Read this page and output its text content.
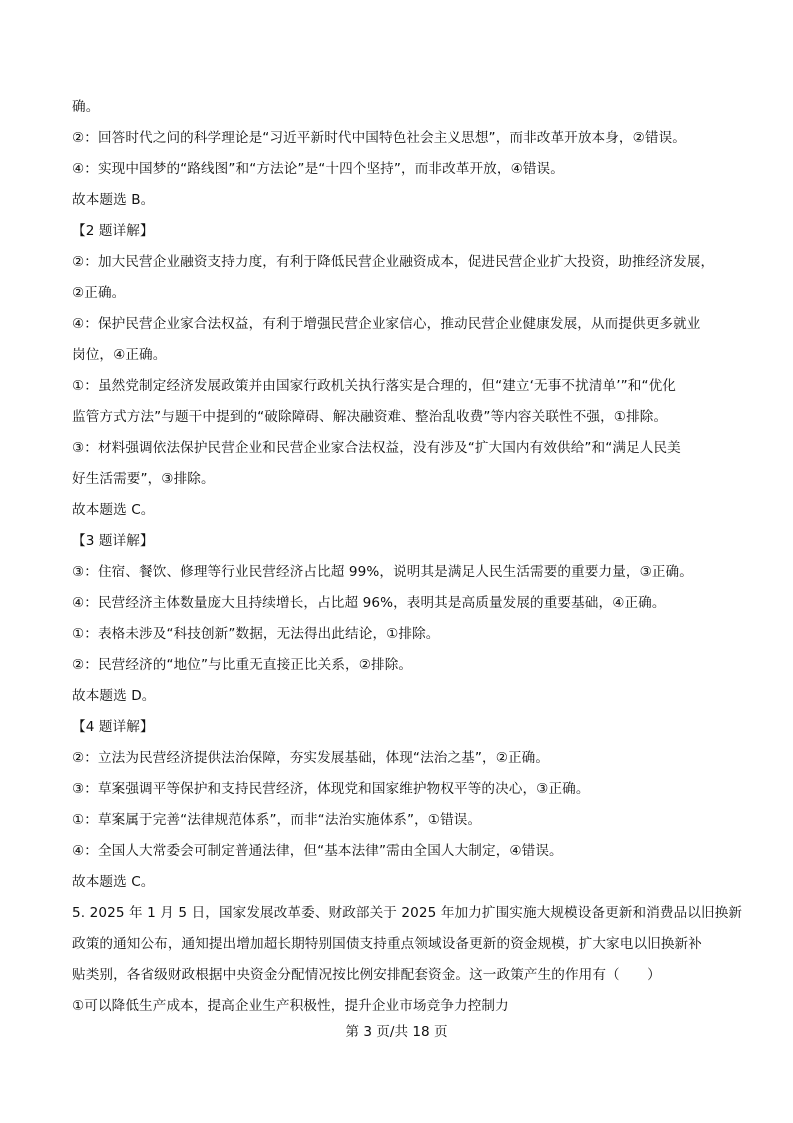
确。
②：回答时代之问的科学理论是“习近平新时代中国特色社会主义思想”，而非改革开放本身，②错误。
④：实现中国梦的“路线图”和“方法论”是“十四个坚持”，而非改革开放，④错误。
故本题选 B。
【2 题详解】
②：加大民营企业融资支持力度，有利于降低民营企业融资成本，促进民营企业扩大投资，助推经济发展，
②正确。
④：保护民营企业家合法权益，有利于增强民营企业家信心，推动民营企业健康发展，从而提供更多就业
岗位，④正确。
①：虽然党制定经济发展政策并由国家行政机关执行落实是合理的，但“建立‘无事不扰清单’”和“优化
监管方式方法”与题干中提到的“破除障碍、解决融资难、整治乱收费”等内容关联性不强，①排除。
③：材料强调依法保护民营企业和民营企业家合法权益，没有涉及“扩大国内有效供给”和“满足人民美
好生活需要”，③排除。
故本题选 C。
【3 题详解】
③：住宿、餐饮、修理等行业民营经济占比超 99%，说明其是满足人民生活需要的重要力量，③正确。
④：民营经济主体数量庞大且持续增长，占比超 96%，表明其是高质量发展的重要基础，④正确。
①：表格未涉及“科技创新”数据，无法得出此结论，①排除。
②：民营经济的“地位”与比重无直接正比关系，②排除。
故本题选 D。
【4 题详解】
②：立法为民营经济提供法治保障，夯实发展基础，体现“法治之基”，②正确。
③：草案强调平等保护和支持民营经济，体现党和国家维护物权平等的决心，③正确。
①：草案属于完善“法律规范体系”，而非“法治实施体系”，①错误。
④：全国人大常委会可制定普通法律，但“基本法律”需由全国人大制定，④错误。
故本题选 C。
5. 2025 年 1 月 5 日，国家发展改革委、财政部关于 2025 年加力扩围实施大规模设备更新和消费品以旧换新
政策的通知公布，通知提出增加超长期特别国债支持重点领域设备更新的资金规模，扩大家电以旧换新补
贴类别，各省级财政根据中央资金分配情况按比例安排配套资金。这一政策产生的作用有（　　）
①可以降低生产成本，提高企业生产积极性，提升企业市场竞争力控制力
第 3 页/共 18 页
